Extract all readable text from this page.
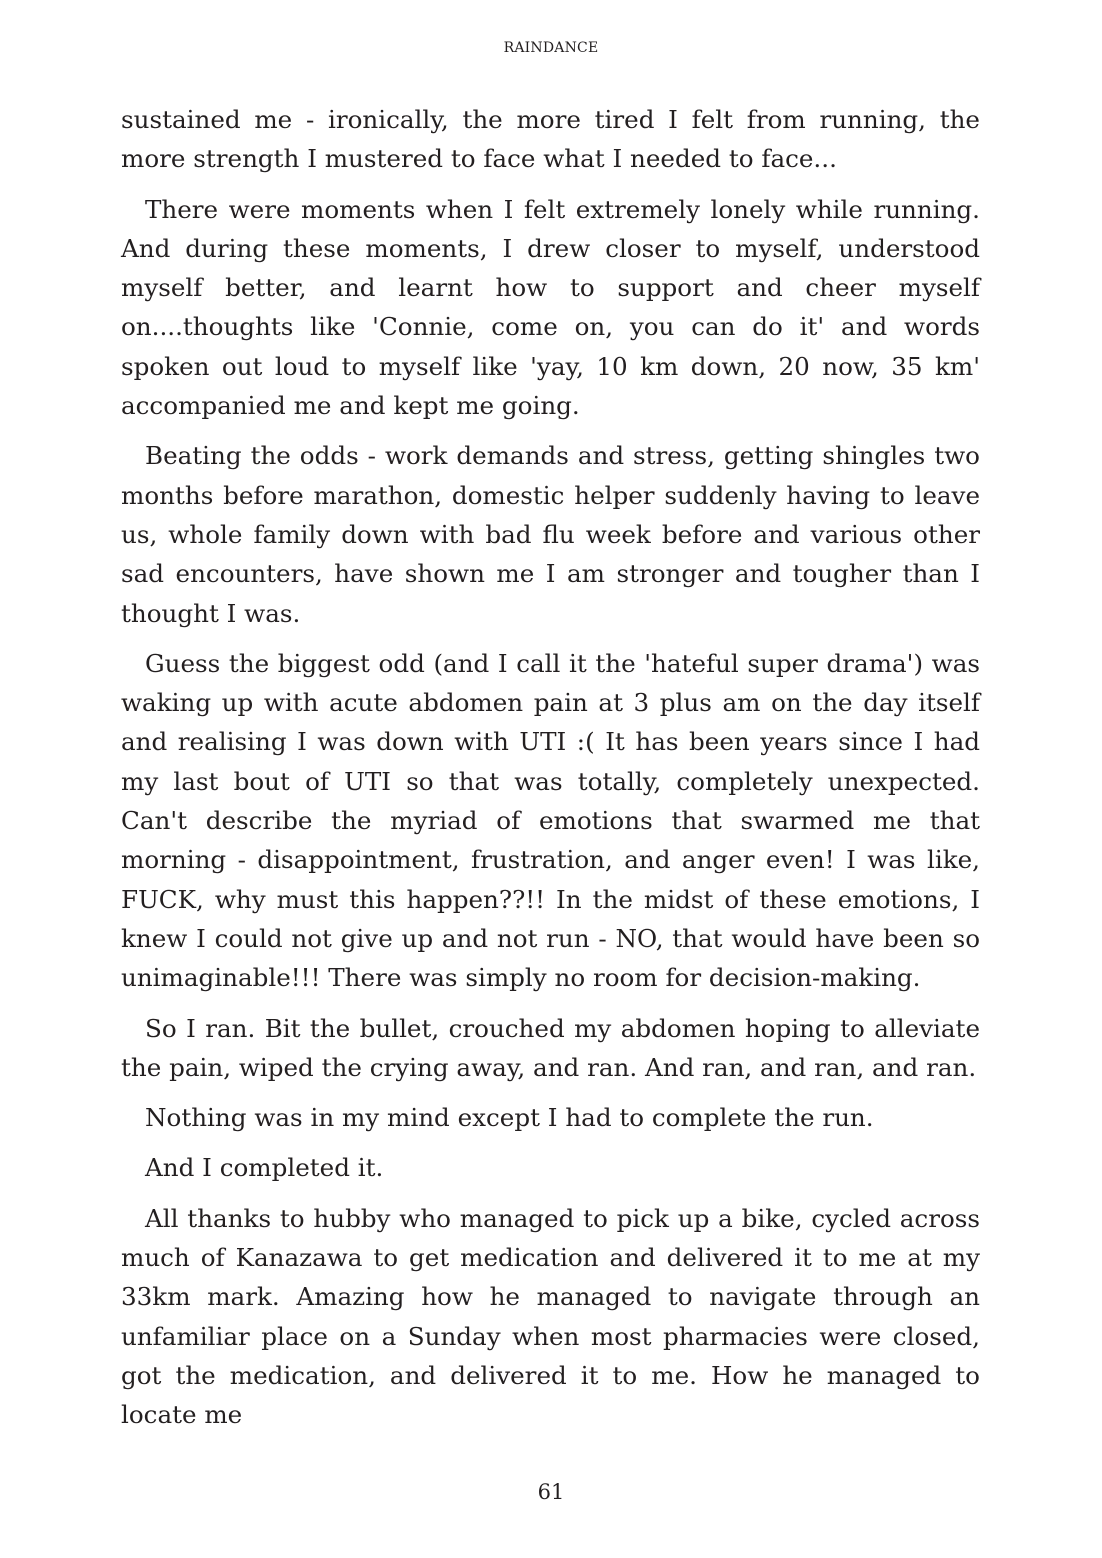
RAINDANCE

sustained me - ironically, the more tired I felt from running, the more strength I mustered to face what I needed to face...

There were moments when I felt extremely lonely while running. And during these moments, I drew closer to myself, understood myself better, and learnt how to support and cheer myself on....thoughts like 'Connie, come on, you can do it' and words spoken out loud to myself like 'yay, 10 km down, 20 now, 35 km' accompanied me and kept me going.

Beating the odds - work demands and stress, getting shingles two months before marathon, domestic helper suddenly having to leave us, whole family down with bad flu week before and various other sad encounters, have shown me I am stronger and tougher than I thought I was.

Guess the biggest odd (and I call it the 'hateful super drama') was waking up with acute abdomen pain at 3 plus am on the day itself and realising I was down with UTI :( It has been years since I had my last bout of UTI so that was totally, completely unexpected. Can't describe the myriad of emotions that swarmed me that morning - disappointment, frustration, and anger even! I was like, FUCK, why must this happen??!! In the midst of these emotions, I knew I could not give up and not run - NO, that would have been so unimaginable!!! There was simply no room for decision-making.

So I ran. Bit the bullet, crouched my abdomen hoping to alleviate the pain, wiped the crying away, and ran. And ran, and ran, and ran.

Nothing was in my mind except I had to complete the run.

And I completed it.

All thanks to hubby who managed to pick up a bike, cycled across much of Kanazawa to get medication and delivered it to me at my 33km mark. Amazing how he managed to navigate through an unfamiliar place on a Sunday when most pharmacies were closed, got the medication, and delivered it to me. How he managed to locate me

61
